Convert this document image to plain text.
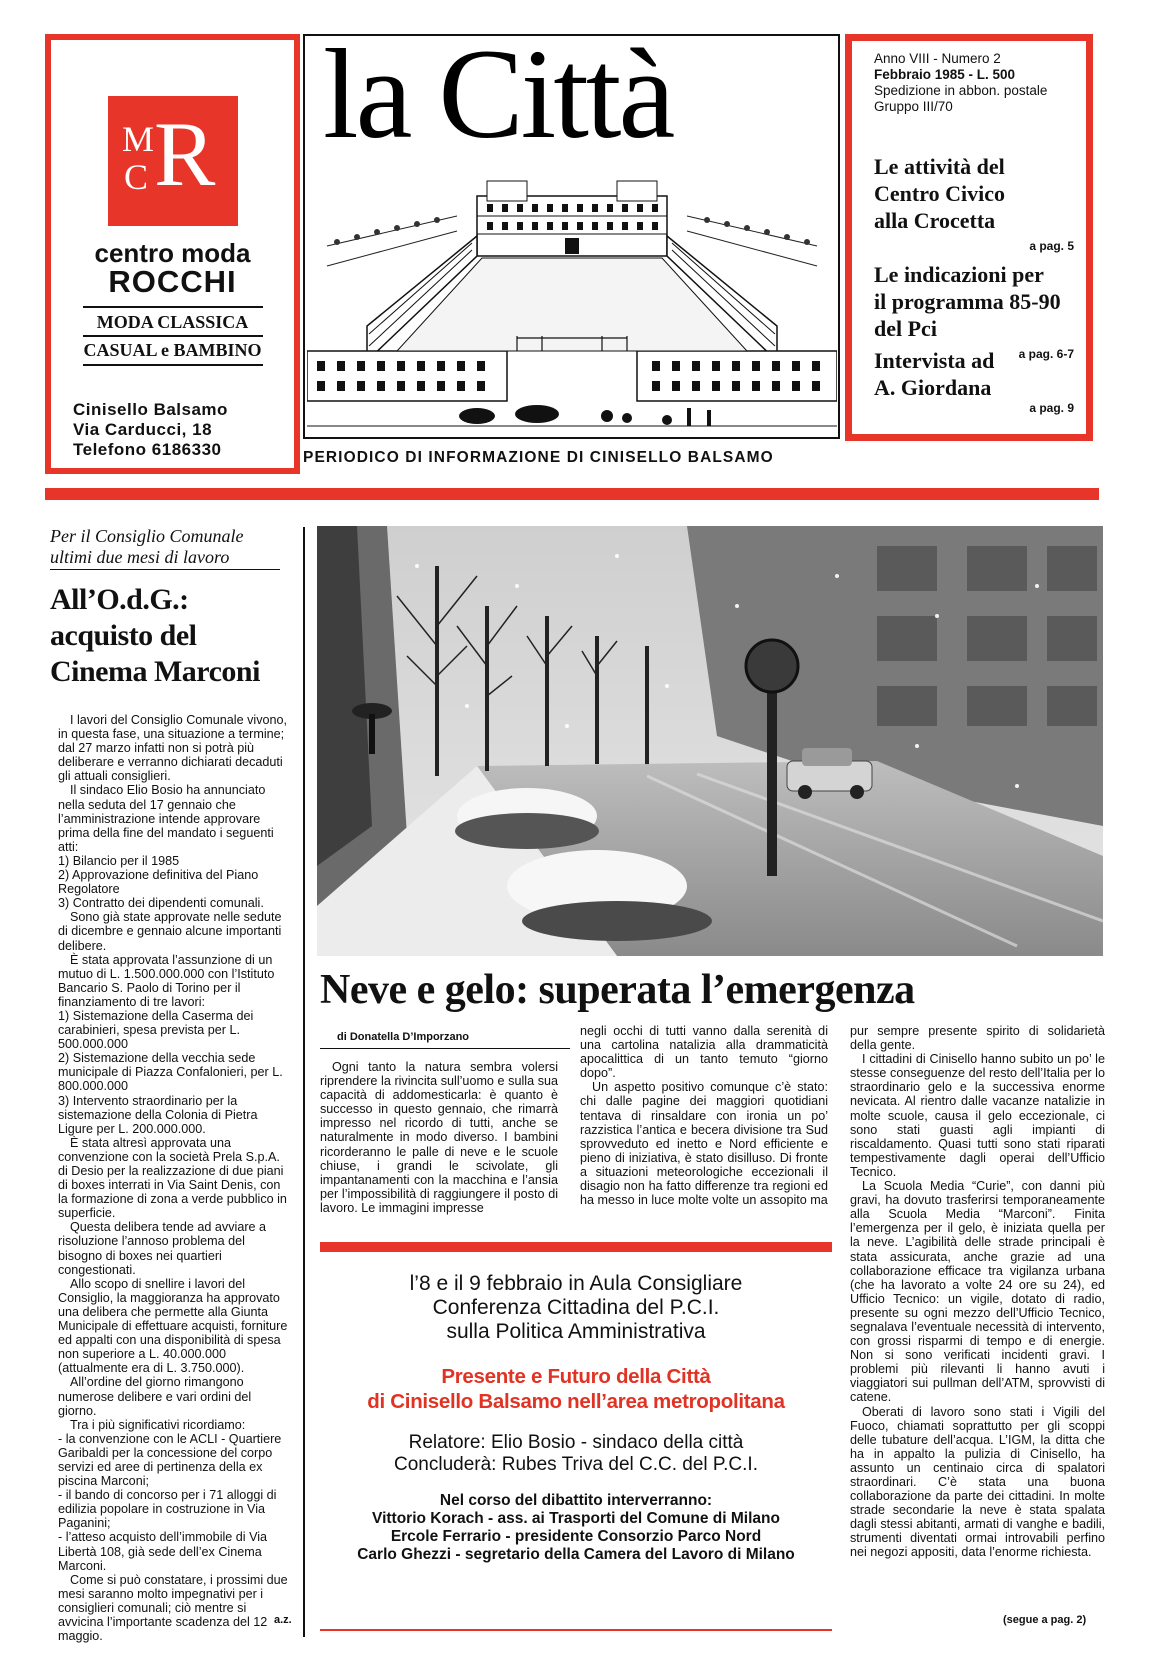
M
C R
centro moda
ROCCHI
MODA CLASSICA
CASUAL e BAMBINO
Cinisello Balsamo
Via Carducci, 18
Telefono 6186330
la Città
PERIODICO DI INFORMAZIONE DI CINISELLO BALSAMO
Anno VIII - Numero 2
Febbraio 1985 - L. 500
Spedizione in abbon. postale
Gruppo III/70
Le attività del
Centro Civico
alla Crocetta
a pag. 5
Le indicazioni per
il programma 85-90
del Pci
a pag. 6-7
Intervista ad
A. Giordana
a pag. 9
Per il Consiglio Comunale
ultimi due mesi di lavoro
All’O.d.G.:
acquisto del
Cinema Marconi

I lavori del Consiglio Comunale vivono, in questa fase, una situazione a termine; dal 27 marzo infatti non si potrà più deliberare e verranno dichiarati decaduti gli attuali consiglieri.

Il sindaco Elio Bosio ha annunciato nella seduta del 17 gennaio che l’amministrazione intende approvare prima della fine del mandato i seguenti atti:

1) Bilancio per il 1985

2) Approvazione definitiva del Piano Regolatore

3) Contratto dei dipendenti comunali.

Sono già state approvate nelle sedute di dicembre e gennaio alcune importanti delibere.

È stata approvata l’assunzione di un mutuo di L. 1.500.000.000 con l’Istituto Bancario S. Paolo di Torino per il finanziamento di tre lavori:

1) Sistemazione della Caserma dei carabinieri, spesa prevista per L. 500.000.000

2) Sistemazione della vecchia sede municipale di Piazza Confalonieri, per L. 800.000.000

3) Intervento straordinario per la sistemazione della Colonia di Pietra Ligure per L. 200.000.000.

È stata altresì approvata una convenzione con la società Prela S.p.A. di Desio per la realizzazione di due piani di boxes interrati in Via Saint Denis, con la formazione di zona a verde pubblico in superficie.

Questa delibera tende ad avviare a risoluzione l’annoso problema del bisogno di boxes nei quartieri congestionati.

Allo scopo di snellire i lavori del Consiglio, la maggioranza ha approvato una delibera che permette alla Giunta Municipale di effettuare acquisti, forniture ed appalti con una disponibilità di spesa non superiore a L. 40.000.000 (attualmente era di L. 3.750.000).

All’ordine del giorno rimangono numerose delibere e vari ordini del giorno.

Tra i più significativi ricordiamo:

- la convenzione con le ACLI - Quartiere Garibaldi per la concessione del corpo servizi ed aree di pertinenza della ex piscina Marconi;

- il bando di concorso per i 71 alloggi di edilizia popolare in costruzione in Via Paganini;

- l’atteso acquisto dell’immobile di Via Libertà 108, già sede dell’ex Cinema Marconi.

Come si può constatare, i prossimi due mesi saranno molto impegnativi per i consiglieri comunali; ciò mentre si avvicina l’importante scadenza del 12 maggio.

a.z.
Neve e gelo: superata l’emergenza
di Donatella D’Imporzano

Ogni tanto la natura sembra volersi riprendere la rivincita sull’uomo e sulla sua capacità di addomesticarla: è quanto è successo in questo gennaio, che rimarrà impresso nel ricordo di tutti, anche se naturalmente in modo diverso. I bambini ricorderanno le palle di neve e le scuole chiuse, i grandi le scivolate, gli impantanamenti con la macchina e l’ansia per l’impossibilità di raggiungere il posto di lavoro. Le immagini impresse

negli occhi di tutti vanno dalla serenità di una cartolina natalizia alla drammaticità apocalittica di un tanto temuto “giorno dopo”.

Un aspetto positivo comunque c’è stato: chi dalle pagine dei maggiori quotidiani tentava di rinsaldare con ironia un po’ razzistica l’antica e becera divisione tra Sud sprovveduto ed inetto e Nord efficiente e pieno di iniziativa, è stato disilluso. Di fronte a situazioni meteorologiche eccezionali il disagio non ha fatto differenze tra regioni ed ha messo in luce molte volte un assopito ma

pur sempre presente spirito di solidarietà della gente.

I cittadini di Cinisello hanno subito un po’ le stesse conseguenze del resto dell’Italia per lo straordinario gelo e la successiva enorme nevicata. Al rientro dalle vacanze natalizie in molte scuole, causa il gelo eccezionale, ci sono stati guasti agli impianti di riscaldamento. Quasi tutti sono stati riparati tempestivamente dagli operai dell’Ufficio Tecnico.

La Scuola Media “Curie”, con danni più gravi, ha dovuto trasferirsi temporaneamente alla Scuola Media “Marconi”. Finita l’emergenza per il gelo, è iniziata quella per la neve. L’agibilità delle strade principali è stata assicurata, anche grazie ad una collaborazione efficace tra vigilanza urbana (che ha lavorato a volte 24 ore su 24), ed Ufficio Tecnico: un vigile, dotato di radio, presente su ogni mezzo dell’Ufficio Tecnico, segnalava l’eventuale necessità di intervento, con grossi risparmi di tempo e di energie. Non si sono verificati incidenti gravi. I problemi più rilevanti li hanno avuti i viaggiatori sui pullman dell’ATM, sprovvisti di catene.

Oberati di lavoro sono stati i Vigili del Fuoco, chiamati soprattutto per gli scoppi delle tubature dell’acqua. L’IGM, la ditta che ha in appalto la pulizia di Cinisello, ha assunto un centinaio circa di spalatori straordinari. C’è stata una buona collaborazione da parte dei cittadini. In molte strade secondarie la neve è stata spalata dagli stessi abitanti, armati di vanghe e badili, strumenti diventati ormai introvabili perfino nei negozi appositi, data l’enorme richiesta.

(segue a pag. 2)
l’8 e il 9 febbraio in Aula Consigliare
Conferenza Cittadina del P.C.I.
sulla Politica Amministrativa
Presente e Futuro della Città
di Cinisello Balsamo nell’area metropolitana
Relatore: Elio Bosio - sindaco della città
Concluderà: Rubes Triva del C.C. del P.C.I.
Nel corso del dibattito interverranno:
Vittorio Korach - ass. ai Trasporti del Comune di Milano
Ercole Ferrario - presidente Consorzio Parco Nord
Carlo Ghezzi - segretario della Camera del Lavoro di Milano
